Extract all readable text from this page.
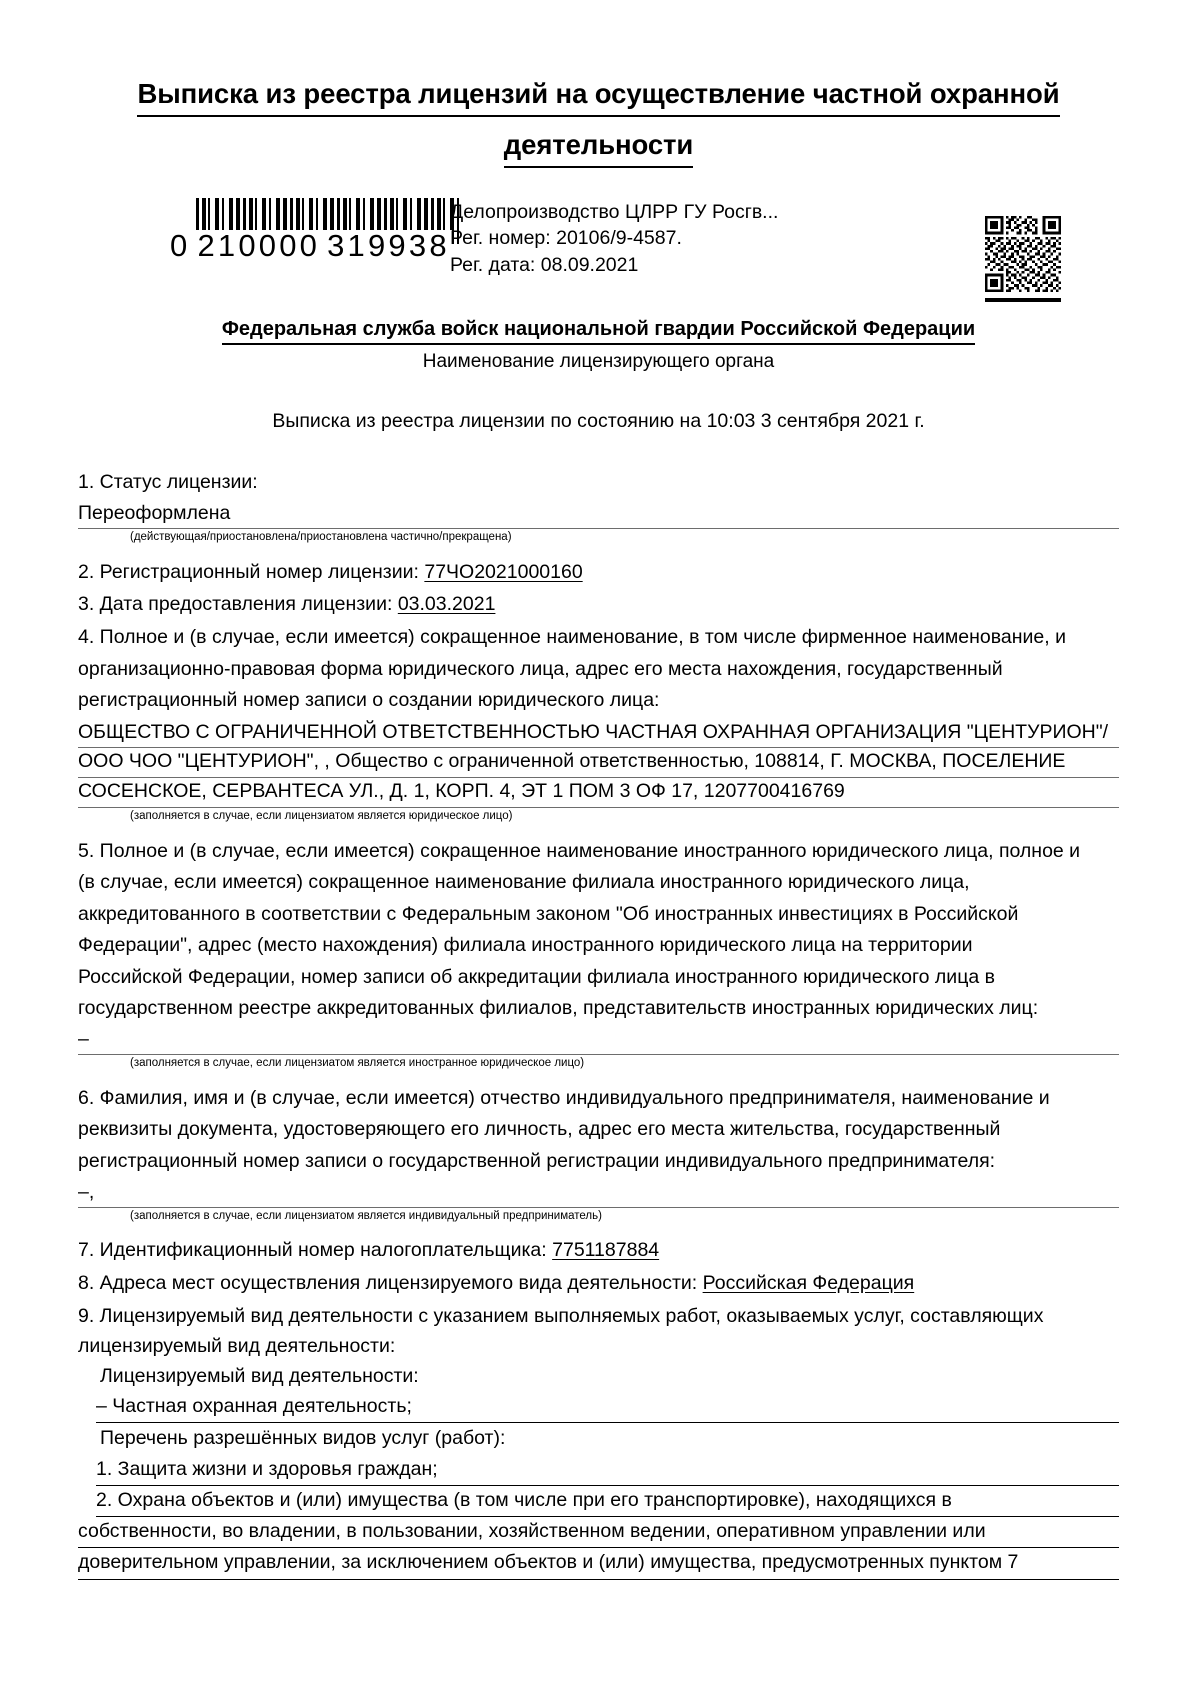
Выписка из реестра лицензий на осуществление частной охранной
деятельности
0 210000 319938
Делопроизводство ЦЛРР ГУ Росгв...
Рег. номер: 20106/9-4587.
Рег. дата: 08.09.2021
Федеральная служба войск национальной гвардии Российской Федерации
Наименование лицензирующего органа
Выписка из реестра лицензии по состоянию на 10:03 3 сентября 2021 г.

1. Статус лицензии:

Переоформлена
(действующая/приостановлена/приостановлена частично/прекращена)

2. Регистрационный номер лицензии: 77ЧО2021000160

3. Дата предоставления лицензии: 03.03.2021

4. Полное и (в случае, если имеется) сокращенное наименование, в том числе фирменное наименование, и

организационно-правовая форма юридического лица, адрес его места нахождения, государственный

регистрационный номер записи о создании юридического лица:

ОБЩЕСТВО С ОГРАНИЧЕННОЙ ОТВЕТСТВЕННОСТЬЮ ЧАСТНАЯ ОХРАННАЯ ОРГАНИЗАЦИЯ "ЦЕНТУРИОН"/
ООО ЧОО "ЦЕНТУРИОН", , Общество с ограниченной ответственностью, 108814, Г. МОСКВА, ПОСЕЛЕНИЕ
СОСЕНСКОЕ, СЕРВАНТЕСА УЛ., Д. 1, КОРП. 4, ЭТ 1 ПОМ 3 ОФ 17, 1207700416769
(заполняется в случае, если лицензиатом является юридическое лицо)

5. Полное и (в случае, если имеется) сокращенное наименование иностранного юридического лица, полное и

(в случае, если имеется) сокращенное наименование филиала иностранного юридического лица,

аккредитованного в соответствии с Федеральным законом "Об иностранных инвестициях в Российской

Федерации", адрес (место нахождения) филиала иностранного юридического лица на территории

Российской Федерации, номер записи об аккредитации филиала иностранного юридического лица в

государственном реестре аккредитованных филиалов, представительств иностранных юридических лиц:

–
(заполняется в случае, если лицензиатом является иностранное юридическое лицо)

6. Фамилия, имя и (в случае, если имеется) отчество индивидуального предпринимателя, наименование и

реквизиты документа, удостоверяющего его личность, адрес его места жительства, государственный

регистрационный номер записи о государственной регистрации индивидуального предпринимателя:

–,
(заполняется в случае, если лицензиатом является индивидуальный предприниматель)

7. Идентификационный номер налогоплательщика: 7751187884

8. Адреса мест осуществления лицензируемого вида деятельности: Российская Федерация

9. Лицензируемый вид деятельности с указанием выполняемых работ, оказываемых услуг, составляющих

лицензируемый вид деятельности:

Лицензируемый вид деятельности:

– Частная охранная деятельность;

Перечень разрешённых видов услуг (работ):

1. Защита жизни и здоровья граждан;

2. Охрана объектов и (или) имущества (в том числе при его транспортировке), находящихся в
собственности, во владении, в пользовании, хозяйственном ведении, оперативном управлении или
доверительном управлении, за исключением объектов и (или) имущества, предусмотренных пунктом 7
